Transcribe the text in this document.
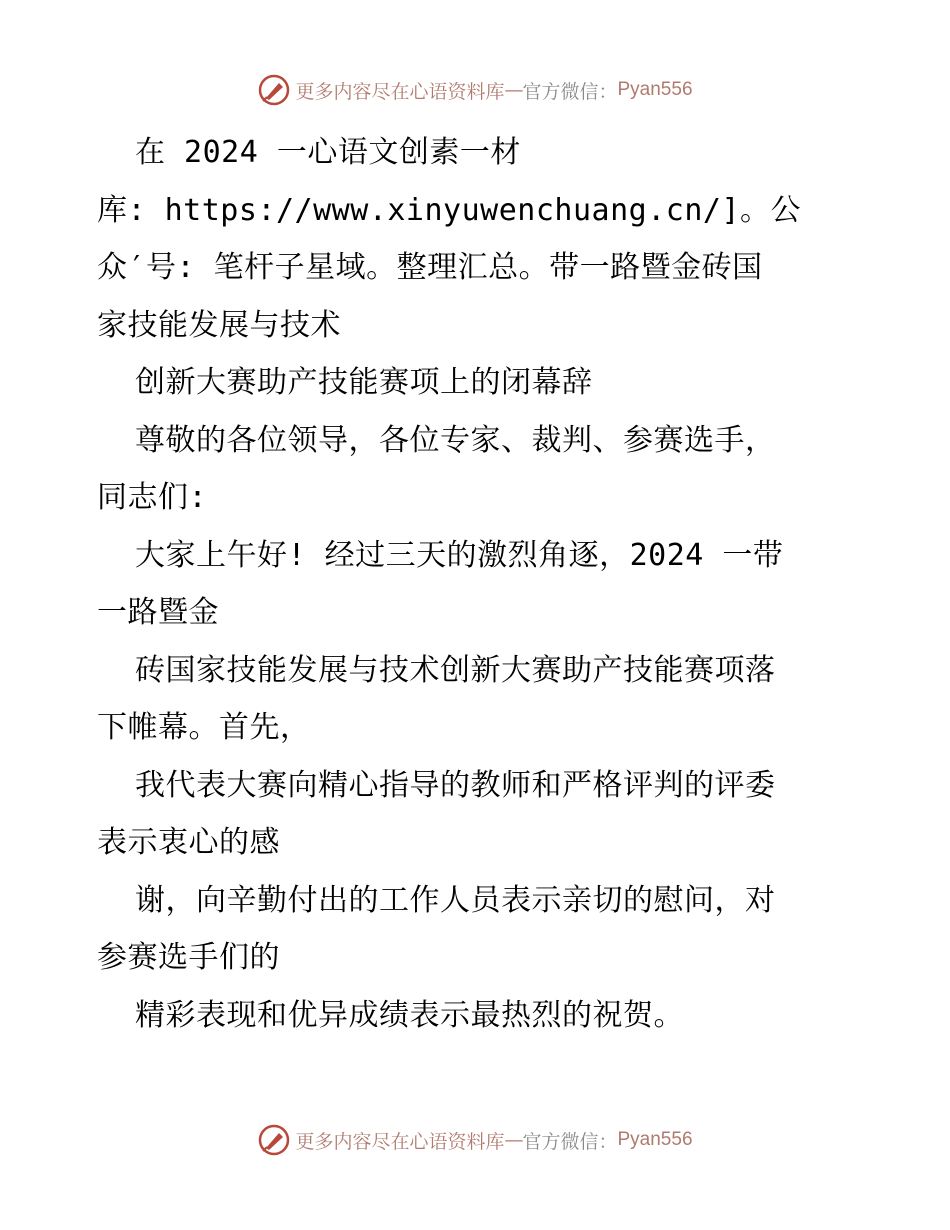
更多内容尽在心语资料库 — 官方微信： Pyan556
在 2024 一心语文创素一材
库: https://www.xinyuwenchuang.cn/]。公
众′号: 笔杆子星域。整理汇总。带一路暨金砖国
家技能发展与技术
创新大赛助产技能赛项上的闭幕辞
尊敬的各位领导，各位专家、裁判、参赛选手，
同志们:
大家上午好! 经过三天的激烈角逐，2024 一带
一路暨金
砖国家技能发展与技术创新大赛助产技能赛项落
下帷幕。首先，
我代表大赛向精心指导的教师和严格评判的评委
表示衷心的感
谢，向辛勤付出的工作人员表示亲切的慰问，对
参赛选手们的
精彩表现和优异成绩表示最热烈的祝贺。
更多内容尽在心语资料库 — 官方微信： Pyan556
